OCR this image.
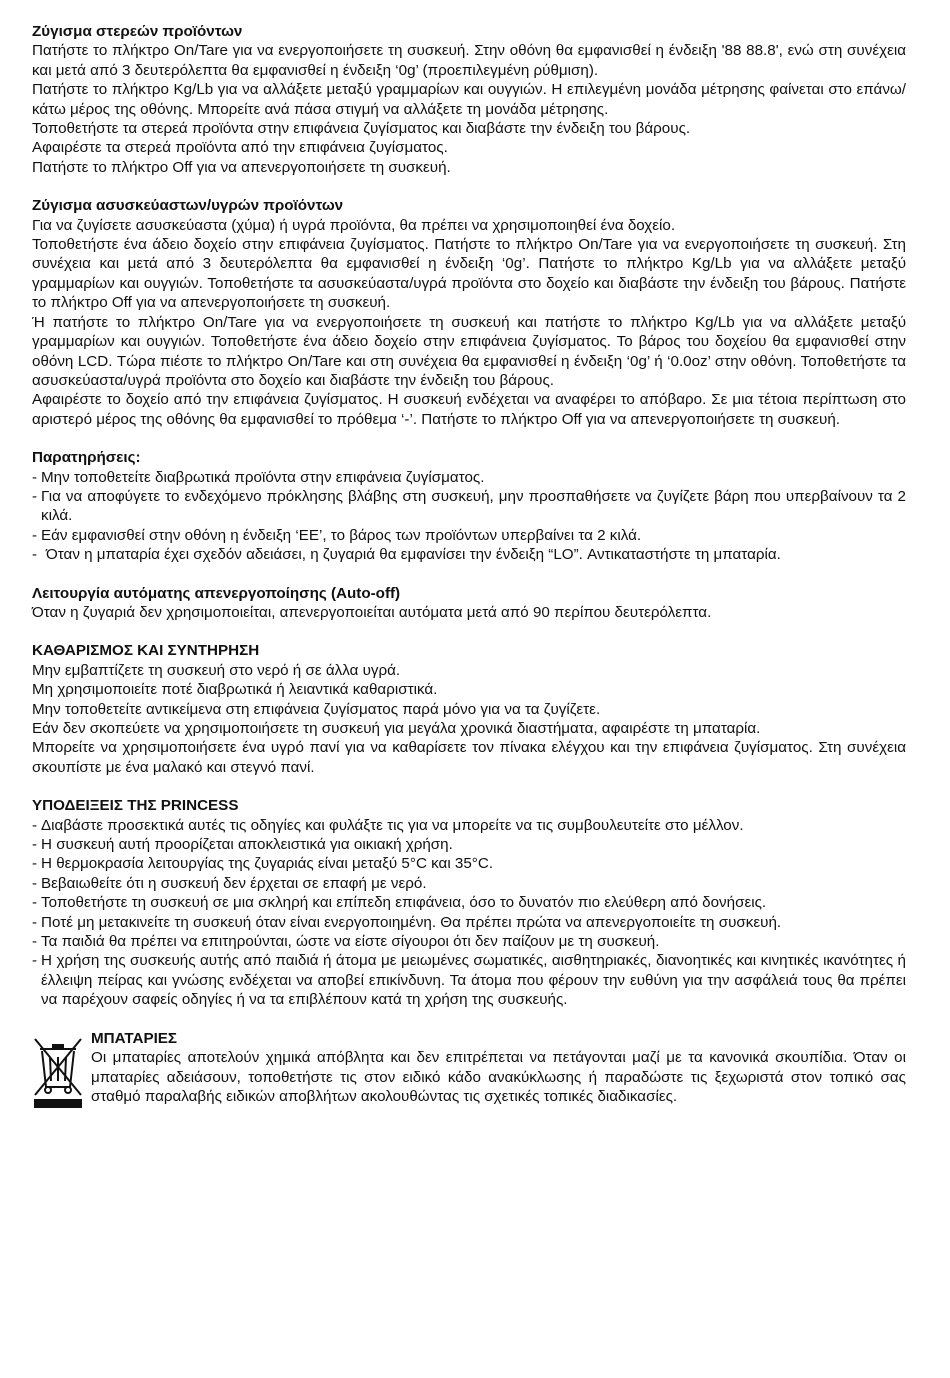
Ζύγισμα στερεών προϊόντων
Πατήστε το πλήκτρο On/Tare για να ενεργοποιήσετε τη συσκευή. Στην οθόνη θα εμφανισθεί η ένδειξη '88 88.8', ενώ στη συνέχεια και μετά από 3 δευτερόλεπτα θα εμφανισθεί η ένδειξη ‘0g’ (προεπιλεγμένη ρύθμιση).
Πατήστε το πλήκτρο Kg/Lb για να αλλάξετε μεταξύ γραμμαρίων και ουγγιών. Η επιλεγμένη μονάδα μέτρησης φαίνεται στο επάνω/κάτω μέρος της οθόνης. Μπορείτε ανά πάσα στιγμή να αλλάξετε τη μονάδα μέτρησης.
Τοποθετήστε τα στερεά προϊόντα στην επιφάνεια ζυγίσματος και διαβάστε την ένδειξη του βάρους.
Αφαιρέστε τα στερεά προϊόντα από την επιφάνεια ζυγίσματος.
Πατήστε το πλήκτρο Off για να απενεργοποιήσετε τη συσκευή.
Ζύγισμα ασυσκεύαστων/υγρών προϊόντων
Για να ζυγίσετε ασυσκεύαστα (χύμα) ή υγρά προϊόντα, θα πρέπει να χρησιμοποιηθεί ένα δοχείο.
Τοποθετήστε ένα άδειο δοχείο στην επιφάνεια ζυγίσματος. Πατήστε το πλήκτρο On/Tare για να ενεργοποιήσετε τη συσκευή. Στη συνέχεια και μετά από 3 δευτερόλεπτα θα εμφανισθεί η ένδειξη ‘0g’. Πατήστε το πλήκτρο Kg/Lb για να αλλάξετε μεταξύ γραμμαρίων και ουγγιών. Τοποθετήστε τα ασυσκεύαστα/υγρά προϊόντα στο δοχείο και διαβάστε την ένδειξη του βάρους. Πατήστε το πλήκτρο Off για να απενεργοποιήσετε τη συσκευή.
Ή πατήστε το πλήκτρο On/Tare για να ενεργοποιήσετε τη συσκευή και πατήστε το πλήκτρο Kg/Lb για να αλλάξετε μεταξύ γραμμαρίων και ουγγιών. Τοποθετήστε ένα άδειο δοχείο στην επιφάνεια ζυγίσματος. Το βάρος του δοχείου θα εμφανισθεί στην οθόνη LCD. Τώρα πιέστε το πλήκτρο On/Tare και στη συνέχεια θα εμφανισθεί η ένδειξη ‘0g’ ή ‘0.0oz’ στην οθόνη. Τοποθετήστε τα ασυσκεύαστα/υγρά προϊόντα στο δοχείο και διαβάστε την ένδειξη του βάρους.
Αφαιρέστε το δοχείο από την επιφάνεια ζυγίσματος. Η συσκευή ενδέχεται να αναφέρει το απόβαρο. Σε μια τέτοια περίπτωση στο αριστερό μέρος της οθόνης θα εμφανισθεί το πρόθεμα ‘-’. Πατήστε το πλήκτρο Off για να απενεργοποιήσετε τη συσκευή.
Παρατηρήσεις:
- Μην τοποθετείτε διαβρωτικά προϊόντα στην επιφάνεια ζυγίσματος.
- Για να αποφύγετε το ενδεχόμενο πρόκλησης βλάβης στη συσκευή, μην προσπαθήσετε να ζυγίζετε βάρη που υπερβαίνουν τα 2 κιλά.
- Εάν εμφανισθεί στην οθόνη η ένδειξη ‘EE’, το βάρος των προϊόντων υπερβαίνει τα 2 κιλά.
- Όταν η μπαταρία έχει σχεδόν αδειάσει, η ζυγαριά θα εμφανίσει την ένδειξη “LO”. Αντικαταστήστε τη μπαταρία.
Λειτουργία αυτόματης απενεργοποίησης (Auto-off)
Όταν η ζυγαριά δεν χρησιμοποιείται, απενεργοποιείται αυτόματα μετά από 90 περίπου δευτερόλεπτα.
ΚΑΘΑΡΙΣΜΟΣ ΚΑΙ ΣΥΝΤΗΡΗΣΗ
Μην εμβαπτίζετε τη συσκευή στο νερό ή σε άλλα υγρά.
Μη χρησιμοποιείτε ποτέ διαβρωτικά ή λειαντικά καθαριστικά.
Μην τοποθετείτε αντικείμενα στη επιφάνεια ζυγίσματος παρά μόνο για να τα ζυγίζετε.
Εάν δεν σκοπεύετε να χρησιμοποιήσετε τη συσκευή για μεγάλα χρονικά διαστήματα, αφαιρέστε τη μπαταρία.
Μπορείτε να χρησιμοποιήσετε ένα υγρό πανί για να καθαρίσετε τον πίνακα ελέγχου και την επιφάνεια ζυγίσματος. Στη συνέχεια σκουπίστε με ένα μαλακό και στεγνό πανί.
ΥΠΟΔΕΙΞΕΙΣ ΤΗΣ PRINCESS
- Διαβάστε προσεκτικά αυτές τις οδηγίες και φυλάξτε τις για να μπορείτε να τις συμβουλευτείτε στο μέλλον.
- Η συσκευή αυτή προορίζεται αποκλειστικά για οικιακή χρήση.
- Η θερμοκρασία λειτουργίας της ζυγαριάς είναι μεταξύ 5°C και 35°C.
- Βεβαιωθείτε ότι η συσκευή δεν έρχεται σε επαφή με νερό.
- Τοποθετήστε τη συσκευή σε μια σκληρή και επίπεδη επιφάνεια, όσο το δυνατόν πιο ελεύθερη από δονήσεις.
- Ποτέ μη μετακινείτε τη συσκευή όταν είναι ενεργοποιημένη. Θα πρέπει πρώτα να απενεργοποιείτε τη συσκευή.
- Τα παιδιά θα πρέπει να επιτηρούνται, ώστε να είστε σίγουροι ότι δεν παίζουν με τη συσκευή.
- Η χρήση της συσκευής αυτής από παιδιά ή άτομα με μειωμένες σωματικές, αισθητηριακές, διανοητικές και κινητικές ικανότητες ή έλλειψη πείρας και γνώσης ενδέχεται να αποβεί επικίνδυνη. Τα άτομα που φέρουν την ευθύνη για την ασφάλειά τους θα πρέπει να παρέχουν σαφείς οδηγίες ή να τα επιβλέπουν κατά τη χρήση της συσκευής.
ΜΠΑΤΑΡΙΕΣ
Οι μπαταρίες αποτελούν χημικά απόβλητα και δεν επιτρέπεται να πετάγονται μαζί με τα κανονικά σκουπίδια. Όταν οι μπαταρίες αδειάσουν, τοποθετήστε τις στον ειδικό κάδο ανακύκλωσης ή παραδώστε τις ξεχωριστά στον τοπικό σας σταθμό παραλαβής ειδικών αποβλήτων ακολουθώντας τις σχετικές τοπικές διαδικασίες.
